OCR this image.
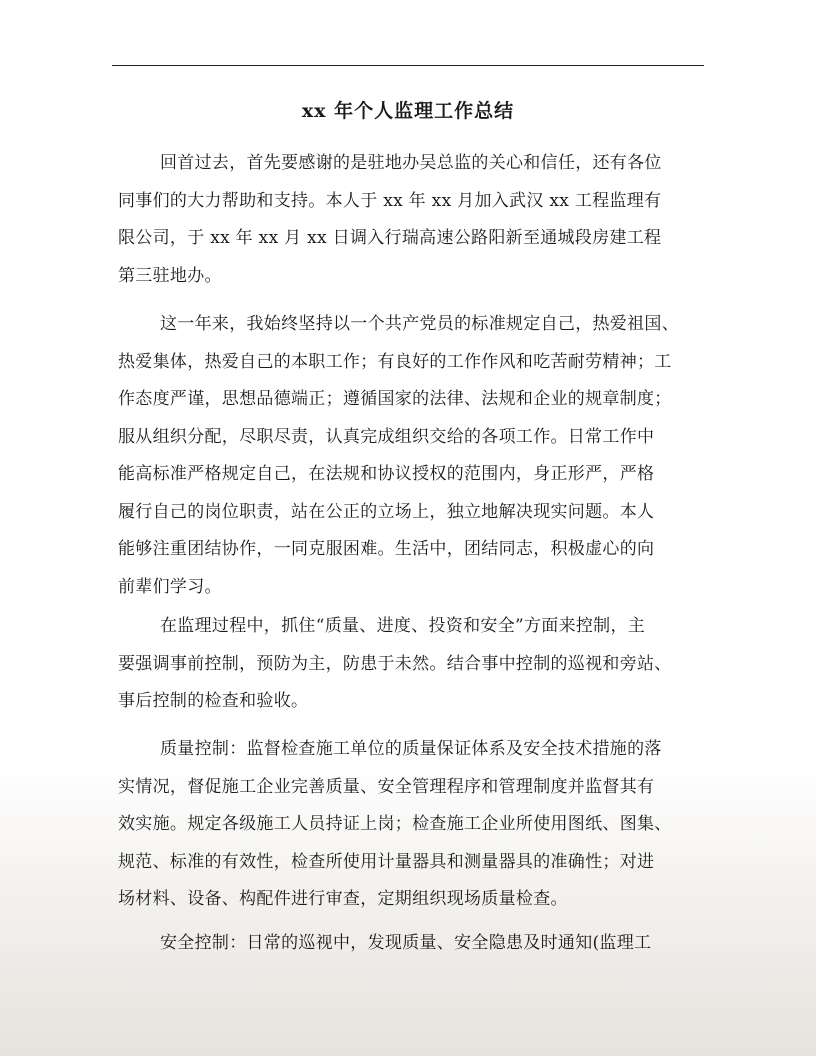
xx 年个人监理工作总结
回首过去，首先要感谢的是驻地办吴总监的关心和信任，还有各位
同事们的大力帮助和支持。本人于 xx 年 xx 月加入武汉 xx 工程监理有
限公司，于 xx 年 xx 月 xx 日调入行瑞高速公路阳新至通城段房建工程
第三驻地办。
这一年来，我始终坚持以一个共产党员的标准规定自己，热爱祖国、
热爱集体，热爱自己的本职工作；有良好的工作作风和吃苦耐劳精神；工
作态度严谨，思想品德端正；遵循国家的法律、法规和企业的规章制度；
服从组织分配，尽职尽责，认真完成组织交给的各项工作。日常工作中
能高标准严格规定自己，在法规和协议授权的范围内，身正形严，严格
履行自己的岗位职责，站在公正的立场上，独立地解决现实问题。本人
能够注重团结协作，一同克服困难。生活中，团结同志，积极虚心的向
前辈们学习。
在监理过程中，抓住“质量、进度、投资和安全”方面来控制，主
要强调事前控制，预防为主，防患于未然。结合事中控制的巡视和旁站、
事后控制的检查和验收。
质量控制：监督检查施工单位的质量保证体系及安全技术措施的落
实情况，督促施工企业完善质量、安全管理程序和管理制度并监督其有
效实施。规定各级施工人员持证上岗；检查施工企业所使用图纸、图集、
规范、标准的有效性，检查所使用计量器具和测量器具的准确性；对进
场材料、设备、构配件进行审查，定期组织现场质量检查。
安全控制：日常的巡视中，发现质量、安全隐患及时通知(监理工
